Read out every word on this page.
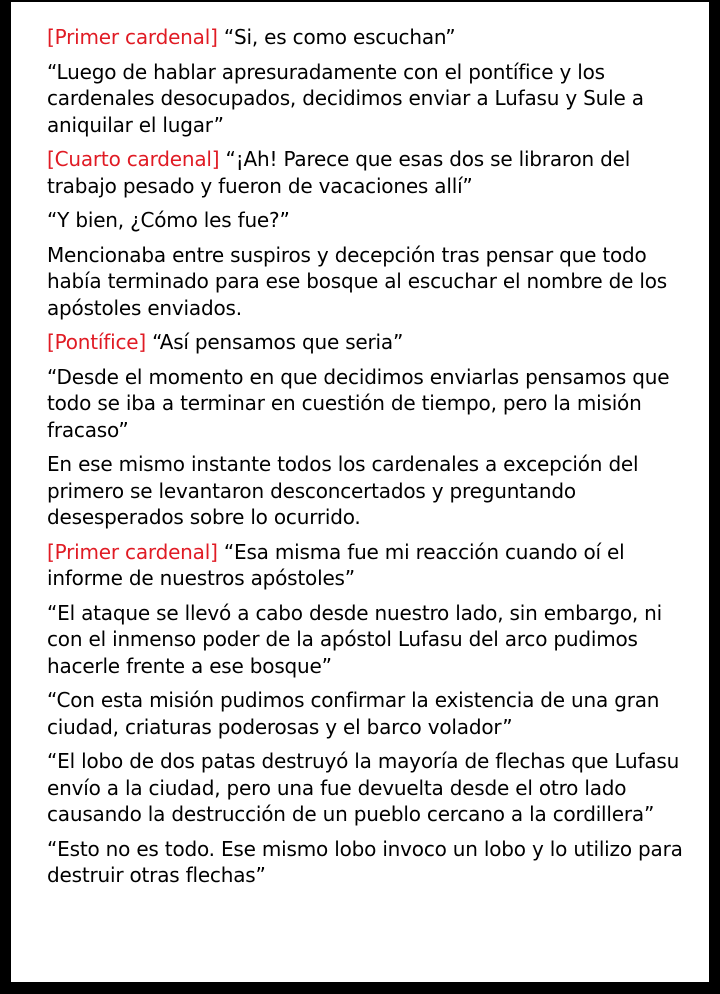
[Primer cardenal] “Si, es como escuchan”

“Luego de hablar apresuradamente con el pontífice y los cardenales desocupados, decidimos enviar a Lufasu y Sule a aniquilar el lugar”

[Cuarto cardenal] “¡Ah! Parece que esas dos se libraron del trabajo pesado y fueron de vacaciones allí”

“Y bien, ¿Cómo les fue?”

Mencionaba entre suspiros y decepción tras pensar que todo había terminado para ese bosque al escuchar el nombre de los apóstoles enviados.

[Pontífice] “Así pensamos que seria”

“Desde el momento en que decidimos enviarlas pensamos que todo se iba a terminar en cuestión de tiempo, pero la misión fracaso”

En ese mismo instante todos los cardenales a excepción del primero se levantaron desconcertados y preguntando desesperados sobre lo ocurrido.

[Primer cardenal] “Esa misma fue mi reacción cuando oí el informe de nuestros apóstoles”

“El ataque se llevó a cabo desde nuestro lado, sin embargo, ni con el inmenso poder de la apóstol Lufasu del arco pudimos hacerle frente a ese bosque”

“Con esta misión pudimos confirmar la existencia de una gran ciudad, criaturas poderosas y el barco volador”

“El lobo de dos patas destruyó la mayoría de flechas que Lufasu envío a la ciudad, pero una fue devuelta desde el otro lado causando la destrucción de un pueblo cercano a la cordillera”

“Esto no es todo. Ese mismo lobo invoco un lobo y lo utilizo para destruir otras flechas”
